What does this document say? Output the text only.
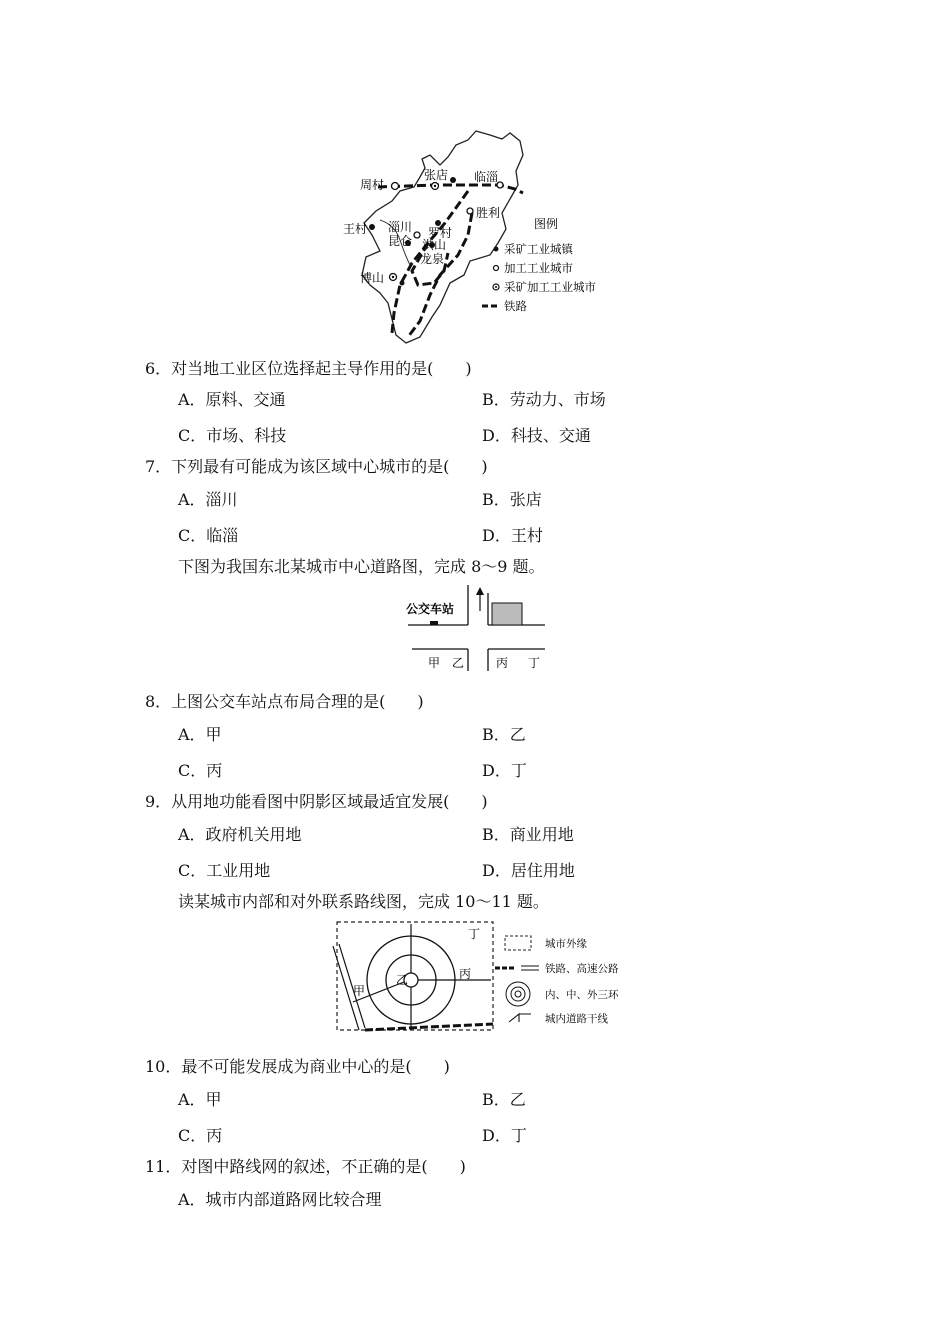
周村
张店 临淄
胜利
王村 淄川
昆仑
罗村
洪山
龙泉
博山
图例
采矿工业城镇
加工工业城市
采矿加工工业城市
铁路
6．对当地工业区位选择起主导作用的是(　　)
A．原料、交通	B．劳动力、市场
C．市场、科技	D．科技、交通
7．下列最有可能成为该区域中心城市的是(　　)
A．淄川	B．张店
C．临淄	D．王村
下图为我国东北某城市中心道路图，完成 8～9 题。
公交车站
甲 乙	丙 丁
8．上图公交车站点布局合理的是(　　)
A．甲	B．乙
C．丙	D．丁
9．从用地功能看图中阴影区域最适宜发展(　　)
A．政府机关用地	B．商业用地
C．工业用地	D．居住用地
读某城市内部和对外联系路线图，完成 10～11 题。
丁
乙	丙
甲
城市外缘
铁路、高速公路
内、中、外三环
城内道路干线
10．最不可能发展成为商业中心的是(　　)
A．甲	B．乙
C．丙	D．丁
11．对图中路线网的叙述，不正确的是(　　)
A．城市内部道路网比较合理
